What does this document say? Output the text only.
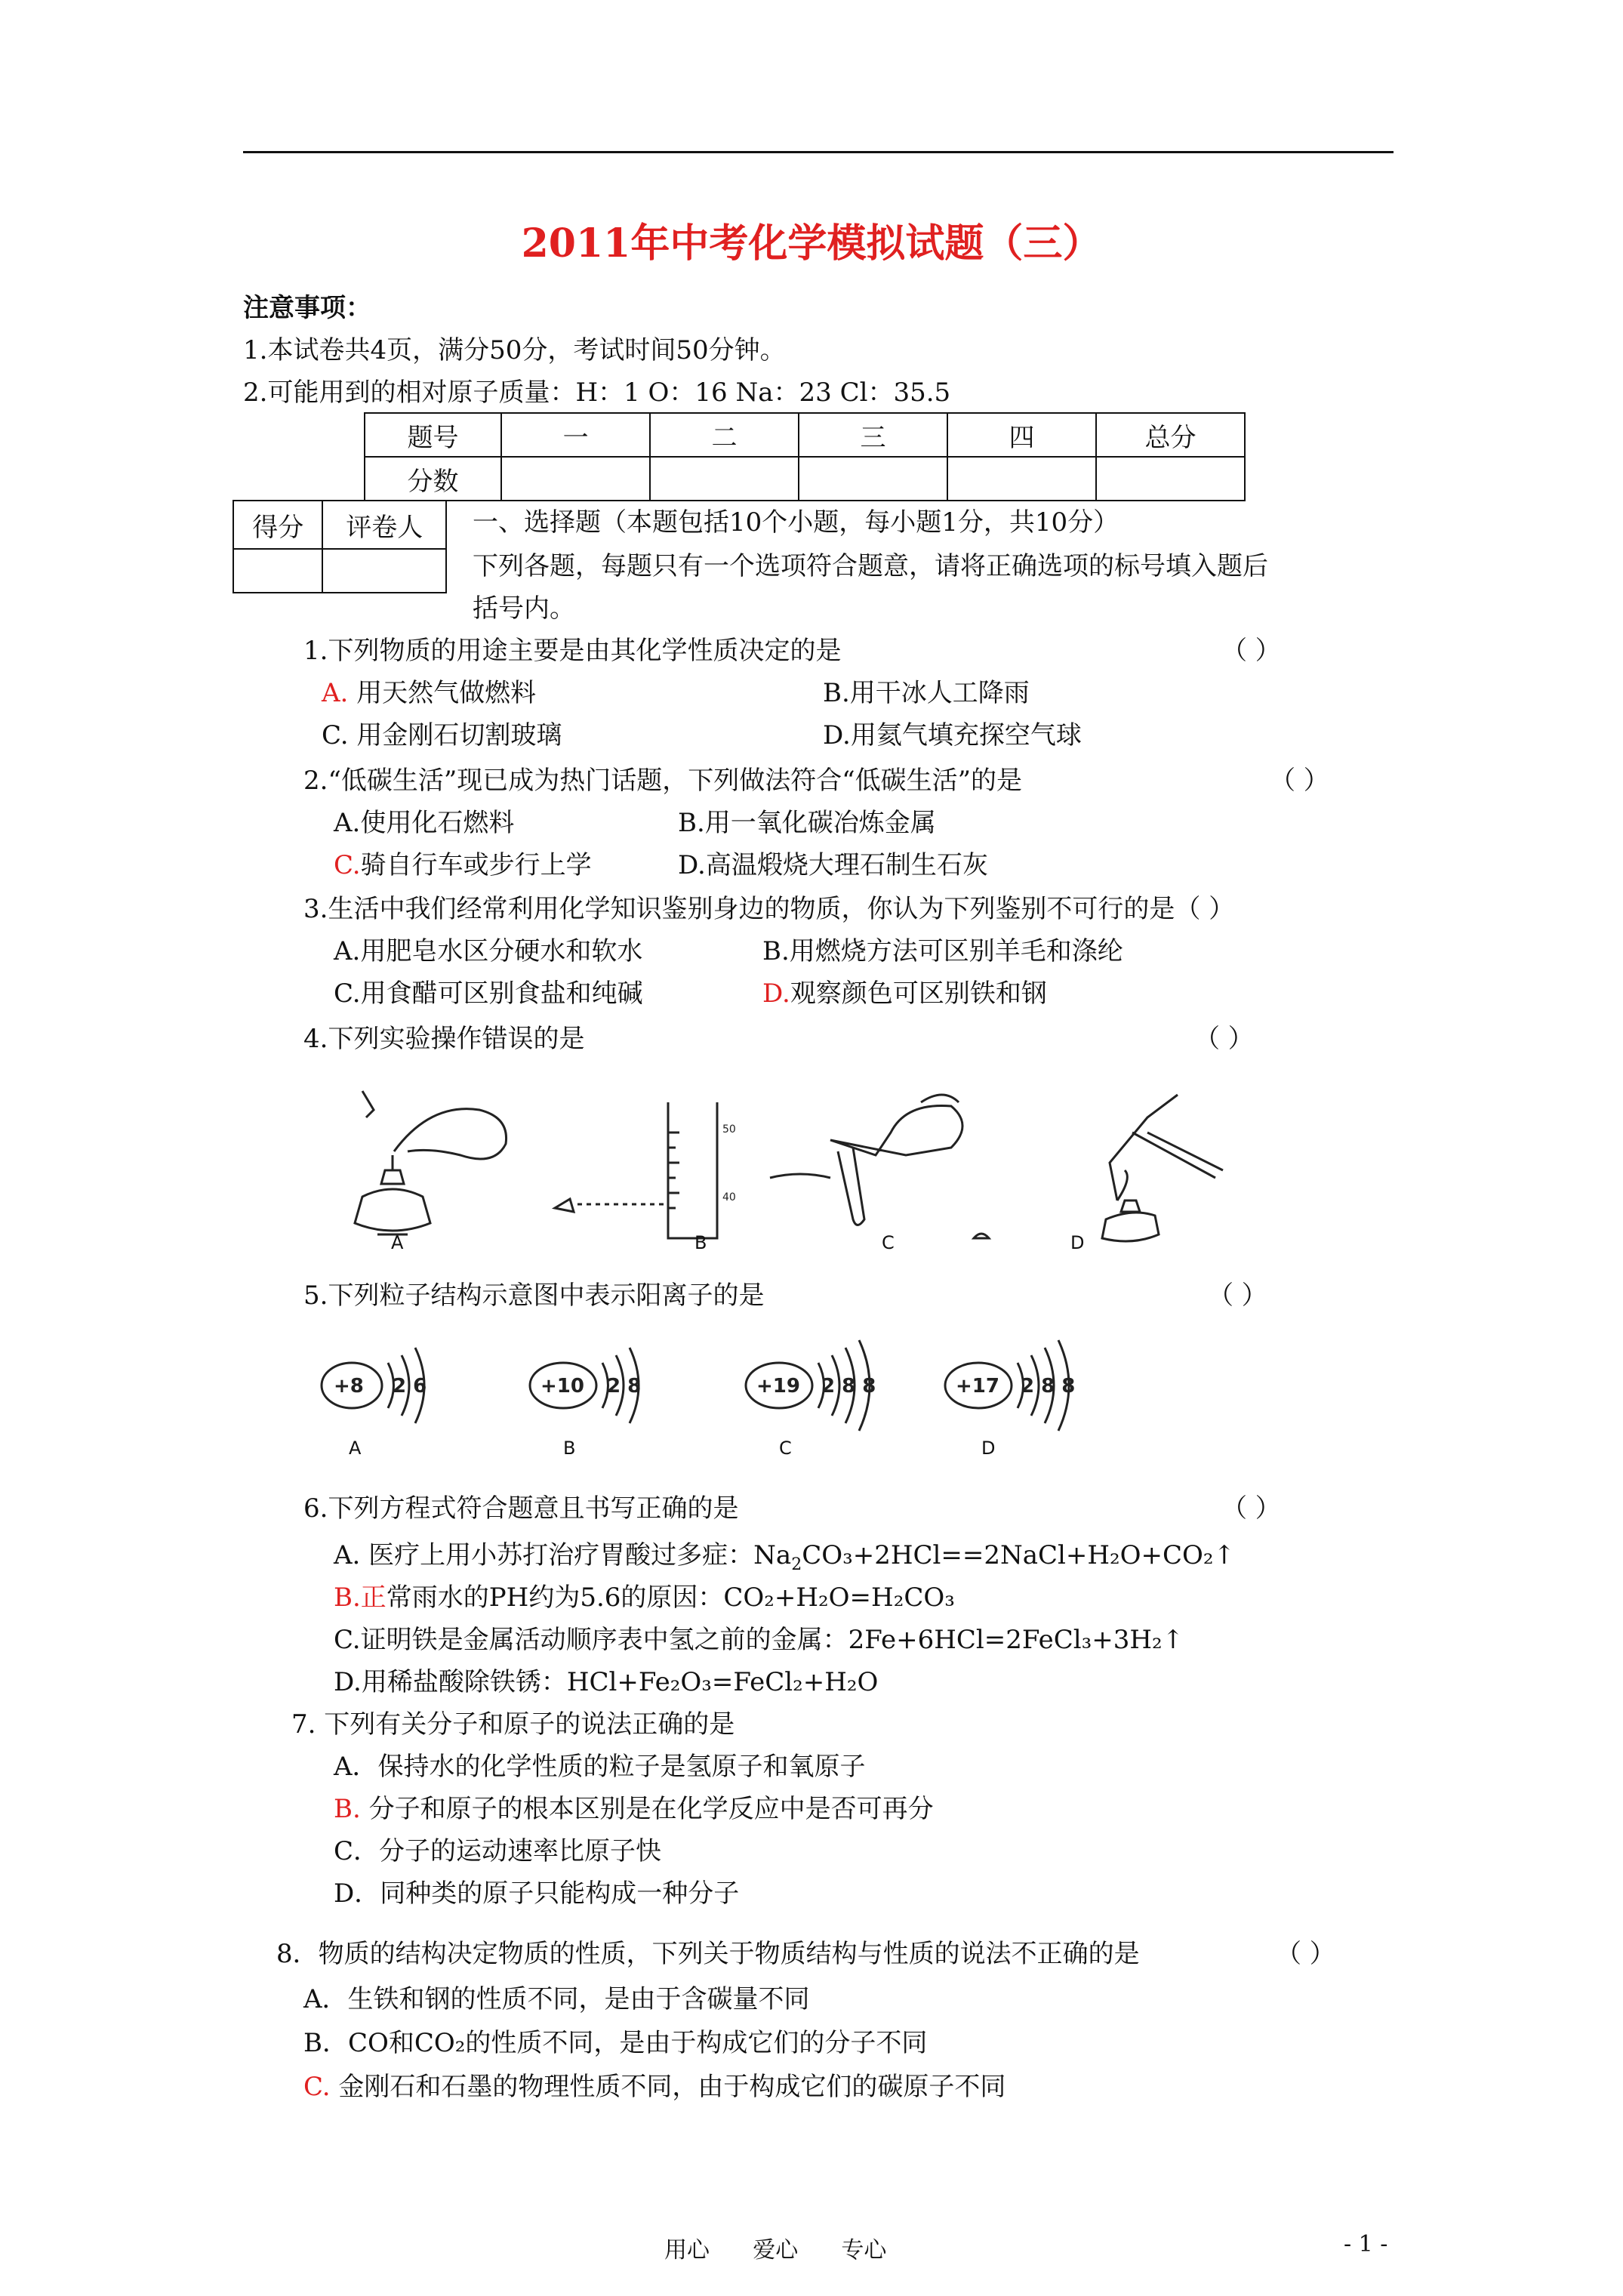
2011年中考化学模拟试题（三）
注意事项：
1.本试卷共4页，满分50分，考试时间50分钟。
2.可能用到的相对原子质量：H：1 O：16 Na：23 Cl：35.5
题号	一	二	三	四	总分
分数					
得分	评卷人
	一、选择题（本题包括10个小题，每小题1分，共10分）
下列各题，每题只有一个选项符合题意，请将正确选项的标号填入题后
括号内。
1.下列物质的用途主要是由其化学性质决定的是	（ ）
A. 用天然气做燃料	B.用干冰人工降雨
C. 用金刚石切割玻璃	D.用氦气填充探空气球
2.“低碳生活”现已成为热门话题，下列做法符合“低碳生活”的是	（ ）
A.使用化石燃料	B.用一氧化碳冶炼金属
C.骑自行车或步行上学	D.高温煅烧大理石制生石灰
3.生活中我们经常利用化学知识鉴别身边的物质，你认为下列鉴别不可行的是（ ）
A.用肥皂水区分硬水和软水	B.用燃烧方法可区别羊毛和涤纶
C.用食醋可区别食盐和纯碱	D.观察颜色可区别铁和钢
4.下列实验操作错误的是	（ ）
50
40
A	B	C	D
5.下列粒子结构示意图中表示阳离子的是	（ ）
+8 2 6	+10 2 8	+19 2 8 8	+17 2 8 8
A	B	C	D
6.下列方程式符合题意且书写正确的是	（ ）
A. 医疗上用小苏打治疗胃酸过多症：$Na_2CO_3+2HCl==2NaCl+H_2O+CO_2↑$
B.正常雨水的PH约为5.6的原因：CO₂+H₂O=H₂CO₃
C.证明铁是金属活动顺序表中氢之前的金属：2Fe+6HCl=2FeCl₃+3H₂↑
D.用稀盐酸除铁锈：HCl+Fe₂O₃=FeCl₂+H₂O
7. 下列有关分子和原子的说法正确的是
A．保持水的化学性质的粒子是氢原子和氧原子
B. 分子和原子的根本区别是在化学反应中是否可再分
C．分子的运动速率比原子快
D．同种类的原子只能构成一种分子
8．物质的结构决定物质的性质，下列关于物质结构与性质的说法不正确的是	（ ）
A．生铁和钢的性质不同，是由于含碳量不同
B．CO和CO₂的性质不同，是由于构成它们的分子不同
C. 金刚石和石墨的物理性质不同，由于构成它们的碳原子不同
用心      爱心      专心	- 1 -
